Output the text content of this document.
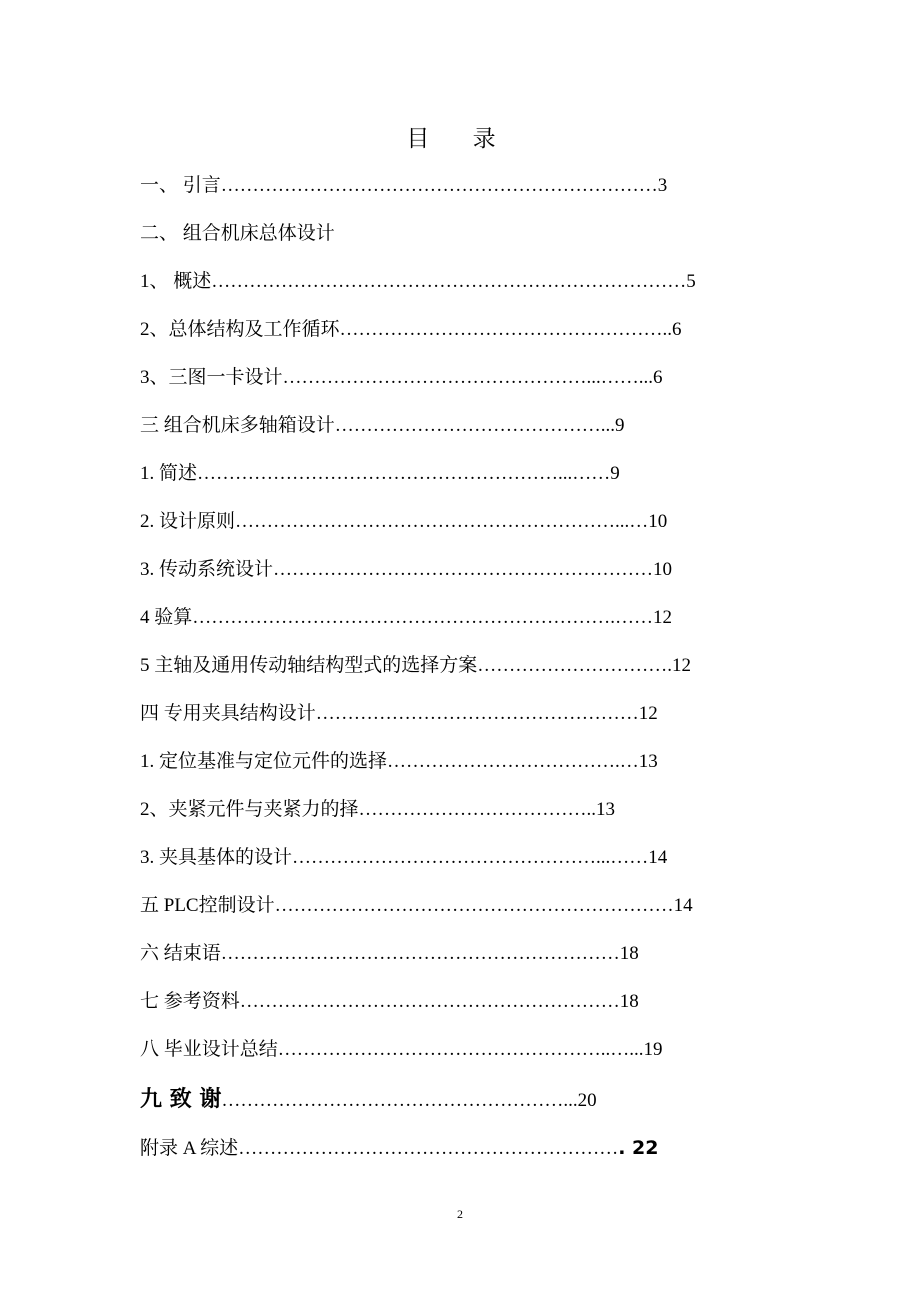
目 录
一、 引言……………………………………………………………3
二、 组合机床总体设计
1、 概述…………………………………………………………………5
2、总体结构及工作循环……………………………………………..6
3、三图一卡设计…………………………………………...……...6
三 组合机床多轴箱设计……………………………………...9
1. 简述…………………………………………………...……9
2. 设计原则……………………………………………………...…10
3. 传动系统设计……………………………………………………10
4 验算………………………………………………………….……12
5 主轴及通用传动轴结构型式的选择方案………………………….12
四 专用夹具结构设计……………………………………………12
1. 定位基准与定位元件的选择……………………………….…13
2、夹紧元件与夹紧力的择………………………………..13
3. 夹具基体的设计…………………………………………...……14
五 PLC控制设计………………………………………………………14
六 结束语………………………………………………………18
七 参考资料……………………………………………………18
八 毕业设计总结……………………………………………..…...19
九 致 谢………………………………………………...20
附录 A 综述……………………………………………………. 22
2
